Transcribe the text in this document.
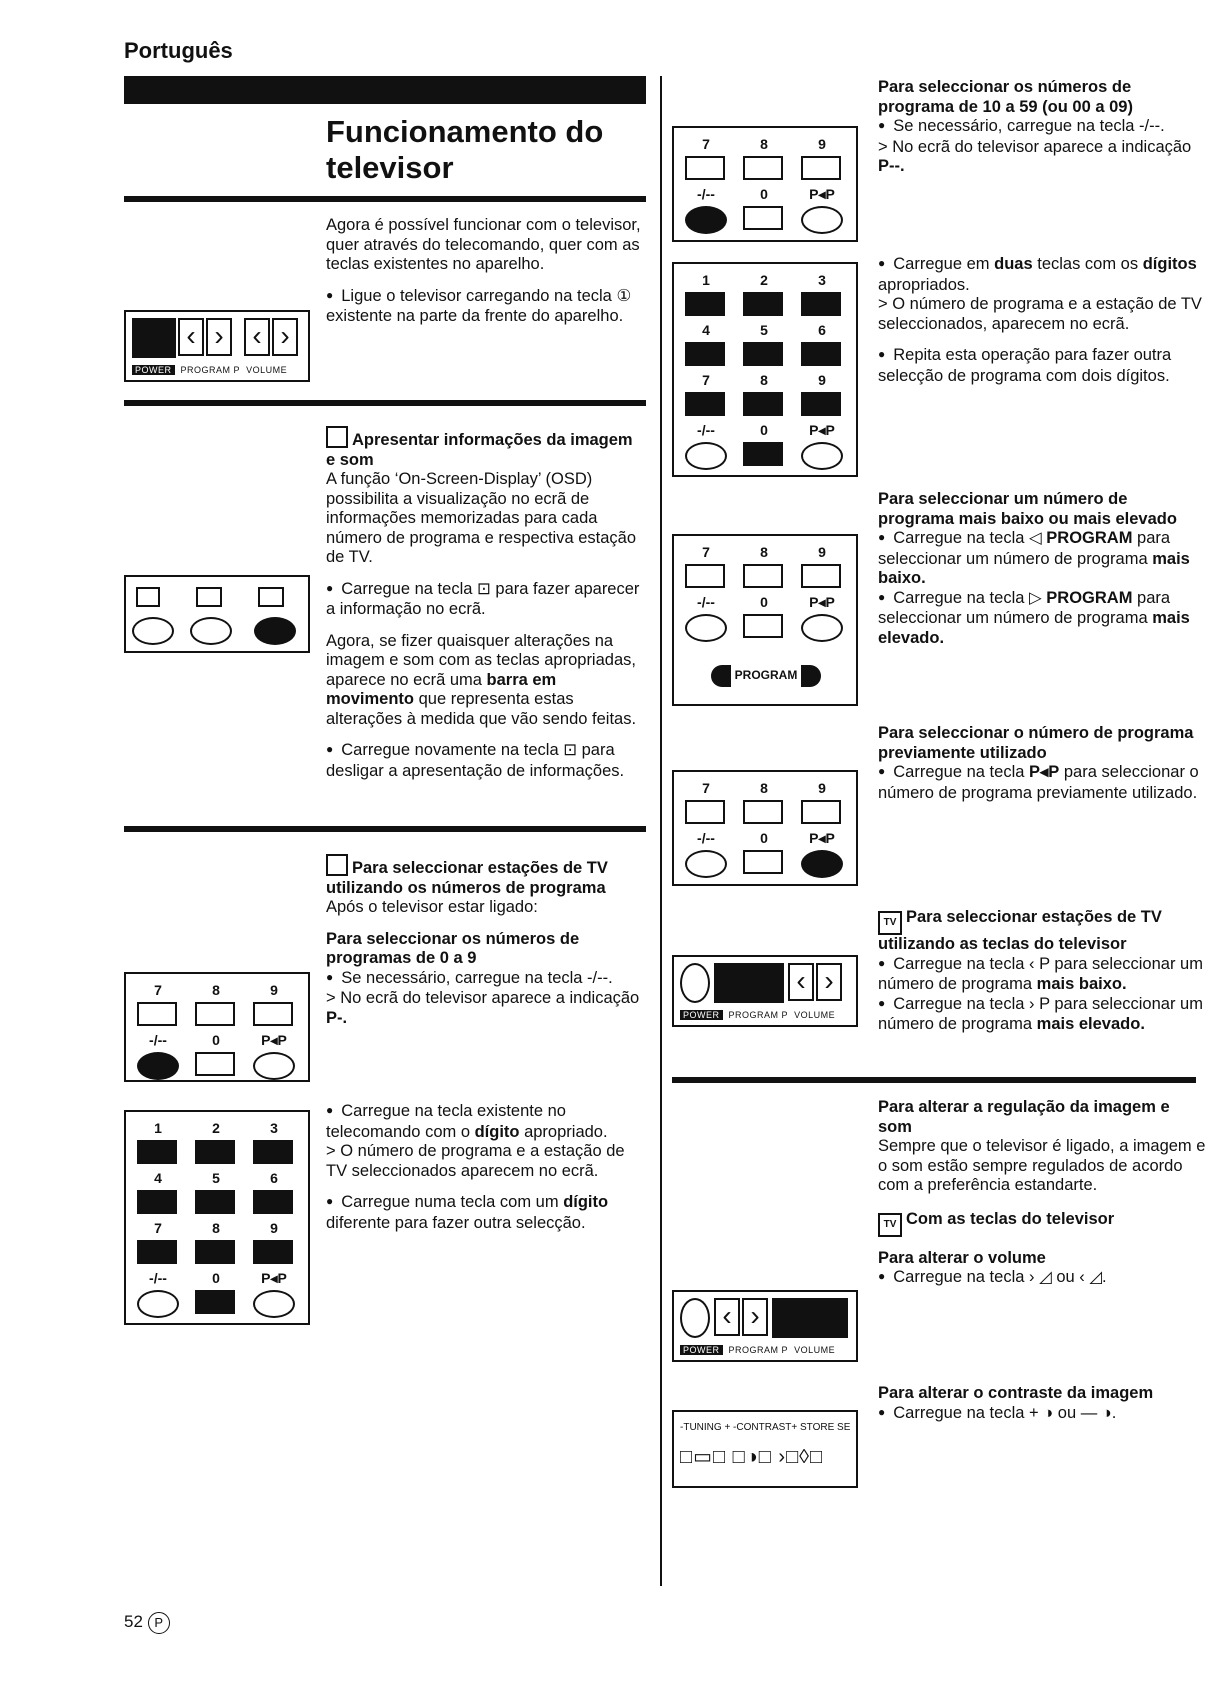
Português
Funcionamento do televisor

Agora é possível funcionar com o televisor, quer através do telecomando, quer com as teclas existentes no aparelho.

● Ligue o televisor carregando na tecla ① existente na parte da frente do aparelho.

‹ › ‹ ›
POWER PROGRAM P VOLUME

Apresentar informações da imagem e som

A função ‘On-Screen-Display’ (OSD) possibilita a visualização no ecrã de informações memorizadas para cada número de programa e respectiva estação de TV.

● Carregue na tecla ⊡ para fazer aparecer a informação no ecrã.

Agora, se fizer quaisquer alterações na imagem e som com as teclas apropriadas, aparece no ecrã uma barra em movimento que representa estas alterações à medida que vão sendo feitas.

● Carregue novamente na tecla ⊡ para desligar a apresentação de informações.

Para seleccionar estações de TV utilizando os números de programa

Após o televisor estar ligado:

Para seleccionar os números de programas de 0 a 9

● Se necessário, carregue na tecla -/--.

> No ecrã do televisor aparece a indicação P-.

● Carregue na tecla existente no telecomando com o dígito apropriado.

> O número de programa e a estação de TV seleccionados aparecem no ecrã.

● Carregue numa tecla com um dígito diferente para fazer outra selecção.

Para seleccionar os números de programa de 10 a 59 (ou 00 a 09)

● Se necessário, carregue na tecla -/--.

> No ecrã do televisor aparece a indicação P--.

● Carregue em duas teclas com os dígitos apropriados.

> O número de programa e a estação de TV seleccionados, aparecem no ecrã.

● Repita esta operação para fazer outra selecção de programa com dois dígitos.

Para seleccionar um número de programa mais baixo ou mais elevado

● Carregue na tecla ◁ PROGRAM para seleccionar um número de programa mais baixo.

● Carregue na tecla ▷ PROGRAM para seleccionar um número de programa mais elevado.

Para seleccionar o número de programa previamente utilizado

● Carregue na tecla P◂P para seleccionar o número de programa previamente utilizado.

TV Para seleccionar estações de TV utilizando as teclas do televisor

● Carregue na tecla ‹ P para seleccionar um número de programa mais baixo.

● Carregue na tecla › P para seleccionar um número de programa mais elevado.

Para alterar a regulação da imagem e som

Sempre que o televisor é ligado, a imagem e o som estão sempre regulados de acordo com a preferência estandarte.

TV Com as teclas do televisor

Para alterar o volume

● Carregue na tecla › ◿ ou ‹ ◿.

Para alterar o contraste da imagem

● Carregue na tecla + ◑ ou — ◑.

7	8	9
-/--	0	P◂P
1	2	3
4	5	6
7	8	9
-/--	0	P◂P
7	8	9
-/--	0	P◂P
1	2	3
4	5	6
7	8	9
-/--	0	P◂P
7	8	9
-/--	0	P◂P
PROGRAM
7	8	9
-/--	0	P◂P
‹ ›
POWER PROGRAM P VOLUME
‹ ›
POWER PROGRAM P VOLUME
-TUNING + -CONTRAST+ STORE SE
□▭□ □◑□ ›□◊□
52 P
